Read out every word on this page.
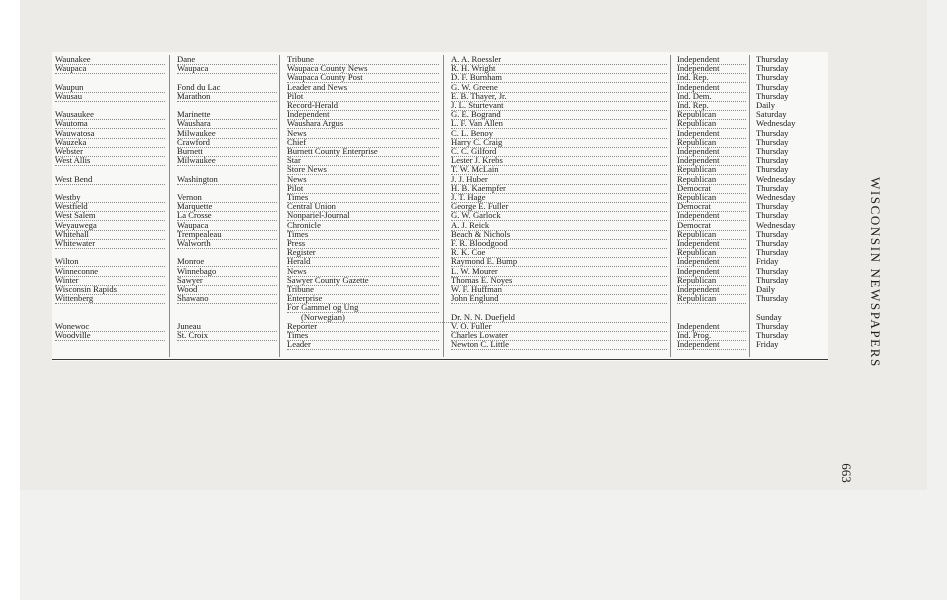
Waunakee
Waupaca
Waupun
Wausau
Wausaukee
Wautoma
Wauwatosa
Wauzeka
Webster
West Allis
West Bend
Westby
Westfield
West Salem
Weyauwega
Whitehall
Whitewater
Wilton
Winneconne
Winter
Wisconsin Rapids
Wittenberg
Wonewoc
Woodville
Dane
Waupaca
Fond du Lac
Marathon
Marinette
Waushara
Milwaukee
Crawford
Burnett
Milwaukee
Washington
Vernon
Marquette
La Crosse
Waupaca
Trempealeau
Walworth
Monroe
Winnebago
Sawyer
Wood
Shawano
Juneau
St. Croix
Tribune
Waupaca County News
Waupaca County Post
Leader and News
Pilot
Record-Herald
Independent
Waushara Argus
News
Chief
Burnett County Enterprise
Star
Store News
News
Pilot
Times
Central Union
Nonpariel-Journal
Chronicle
Times
Press
Register
Herald
News
Sawyer County Gazette
Tribune
Enterprise
For Gammel og Ung
(Norwegian)
Reporter
Times
Leader
A. A. Roessler
R. H. Wright
D. F. Burnham
G. W. Greene
E. B. Thayer, Jr.
J. L. Sturtevant
G. E. Bogrand
L. F. Van Allen
C. L. Benoy
Harry C. Craig
C. C. Gilford
Lester J. Krebs
T. W. McLain
J. J. Huber
H. B. Kaempfer
J. T. Hage
George E. Fuller
G. W. Garlock
A. J. Reick
Beach & Nichols
F. R. Bloodgood
R. K. Coe
Raymond E. Bump
L. W. Mourer
Thomas E. Noyes
W. F. Huffman
John Englund
Dr. N. N. Duefjeld
V. O. Fuller
Charles Lowater
Newton C. Little
Independent
Independent
Ind. Rep.
Independent
Ind. Dem.
Ind. Rep.
Republican
Republican
Independent
Republican
Independent
Independent
Republican
Republican
Democrat
Republican
Democrat
Independent
Democrat
Republican
Independent
Republican
Independent
Independent
Republican
Independent
Republican
Independent
Ind. Prog.
Independent
Thursday
Thursday
Thursday
Thursday
Thursday
Daily
Saturday
Wednesday
Thursday
Thursday
Thursday
Thursday
Thursday
Wednesday
Thursday
Wednesday
Thursday
Thursday
Wednesday
Thursday
Thursday
Thursday
Friday
Thursday
Thursday
Daily
Thursday
Sunday
Thursday
Thursday
Friday	WISCONSIN NEWSPAPERS
663
